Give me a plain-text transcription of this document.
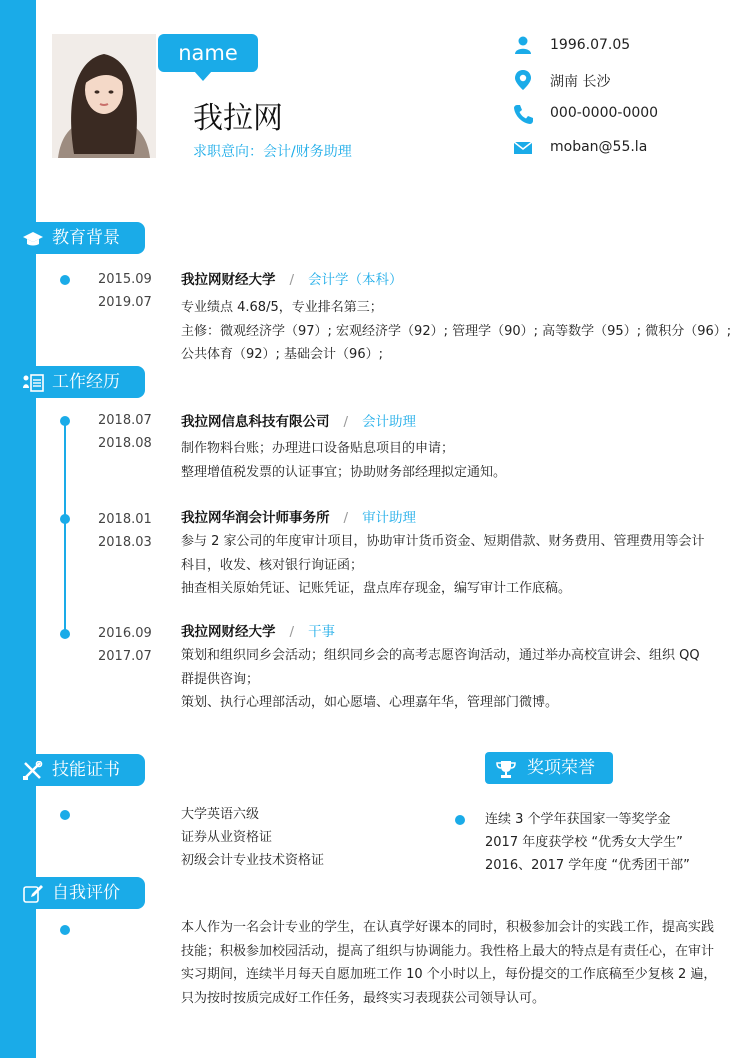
name
我拉网
求职意向：会计/财务助理
1996.07.05
湖南 长沙
000-0000-0000
moban@55.la
教育背景
2015.09
2019.07
我拉网财经大学 / 会计学（本科）
专业绩点 4.68/5，专业排名第三；
主修：微观经济学（97）; 宏观经济学（92）; 管理学（90）; 高等数学（95）; 微积分（96）;
公共体育（92）; 基础会计（96）;
工作经历
2018.07
2018.08
我拉网信息科技有限公司 / 会计助理
制作物料台账；办理进口设备贴息项目的申请；
整理增值税发票的认证事宜；协助财务部经理拟定通知。
2018.01
2018.03
我拉网华润会计师事务所 / 审计助理
参与 2 家公司的年度审计项目，协助审计货币资金、短期借款、财务费用、管理费用等会计
科目，收发、核对银行询证函；
抽查相关原始凭证、记账凭证，盘点库存现金，编写审计工作底稿。
2016.09
2017.07
我拉网财经大学 / 干事
策划和组织同乡会活动；组织同乡会的高考志愿咨询活动，通过举办高校宣讲会、组织 QQ
群提供咨询；
策划、执行心理部活动，如心愿墙、心理嘉年华，管理部门微博。
技能证书
大学英语六级
证券从业资格证
初级会计专业技术资格证
奖项荣誉
连续 3 个学年获国家一等奖学金
2017 年度获学校 “优秀女大学生”
2016、2017 学年度 “优秀团干部”
自我评价
本人作为一名会计专业的学生，在认真学好课本的同时，积极参加会计的实践工作，提高实践
技能；积极参加校园活动，提高了组织与协调能力。我性格上最大的特点是有责任心，在审计
实习期间，连续半月每天自愿加班工作 10 个小时以上，每份提交的工作底稿至少复核 2 遍，
只为按时按质完成好工作任务，最终实习表现获公司领导认可。
